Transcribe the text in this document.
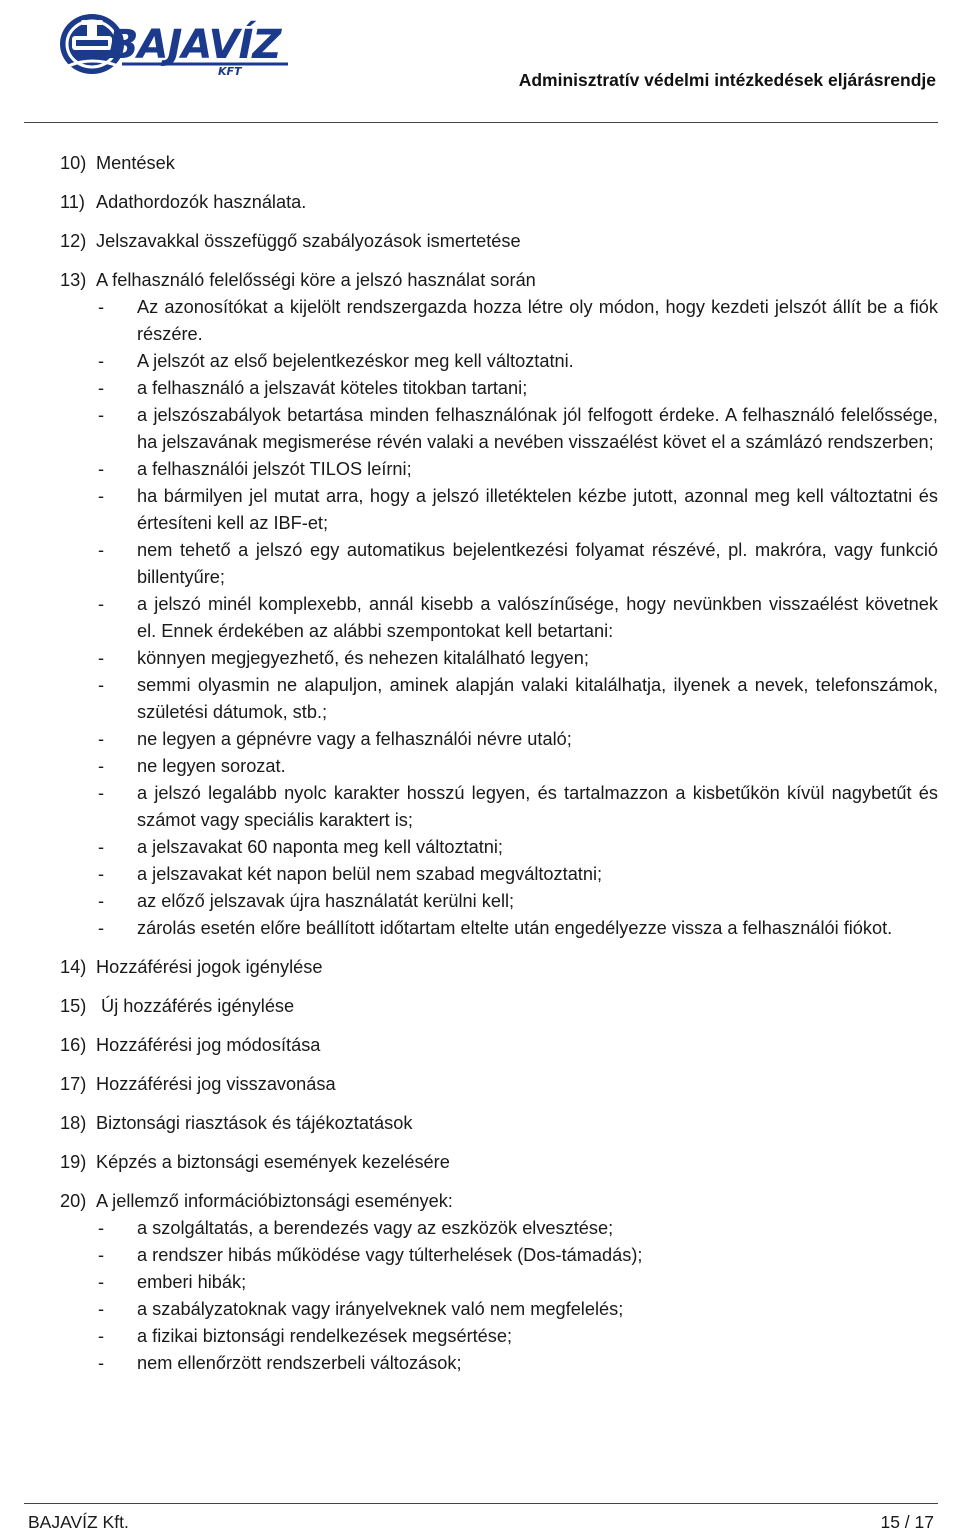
BAJAVÍZ
KFT	Adminisztratív védelmi intézkedések eljárásrendje
10) Mentések
11) Adathordozók használata.
12) Jelszavakkal összefüggő szabályozások ismertetése
13) A felhasználó felelősségi köre a jelszó használat során
-	Az azonosítókat a kijelölt rendszergazda hozza létre oly módon, hogy kezdeti jelszót állít be a fiók részére.
-	A jelszót az első bejelentkezéskor meg kell változtatni.
-	a felhasználó a jelszavát köteles titokban tartani;
-	a jelszószabályok betartása minden felhasználónak jól felfogott érdeke. A felhasználó felelőssége, ha jelszavának megismerése révén valaki a nevében visszaélést követ el a számlázó rendszerben;
-	a felhasználói jelszót TILOS leírni;
-	ha bármilyen jel mutat arra, hogy a jelszó illetéktelen kézbe jutott, azonnal meg kell változtatni és értesíteni kell az IBF-et;
-	nem tehető a jelszó egy automatikus bejelentkezési folyamat részévé, pl. makróra, vagy funkció billentyűre;
-	a jelszó minél komplexebb, annál kisebb a valószínűsége, hogy nevünkben visszaélést követnek el. Ennek érdekében az alábbi szempontokat kell betartani:
-	könnyen megjegyezhető, és nehezen kitalálható legyen;
-	semmi olyasmin ne alapuljon, aminek alapján valaki kitalálhatja, ilyenek a nevek, telefonszámok, születési dátumok, stb.;
-	ne legyen a gépnévre vagy a felhasználói névre utaló;
-	ne legyen sorozat.
-	a jelszó legalább nyolc karakter hosszú legyen, és tartalmazzon a kisbetűkön kívül nagybetűt és számot vagy speciális karaktert is;
-	a jelszavakat 60 naponta meg kell változtatni;
-	a jelszavakat két napon belül nem szabad megváltoztatni;
-	az előző jelszavak újra használatát kerülni kell;
-	zárolás esetén előre beállított időtartam eltelte után engedélyezze vissza a felhasználói fiókot.
14) Hozzáférési jogok igénylése
15) Új hozzáférés igénylése
16) Hozzáférési jog módosítása
17) Hozzáférési jog visszavonása
18) Biztonsági riasztások és tájékoztatások
19) Képzés a biztonsági események kezelésére
20) A jellemző információbiztonsági események:
-	a szolgáltatás, a berendezés vagy az eszközök elvesztése;
-	a rendszer hibás működése vagy túlterhelések (Dos-támadás);
-	emberi hibák;
-	a szabályzatoknak vagy irányelveknek való nem megfelelés;
-	a fizikai biztonsági rendelkezések megsértése;
-	nem ellenőrzött rendszerbeli változások;
BAJAVÍZ Kft.	15 / 17
